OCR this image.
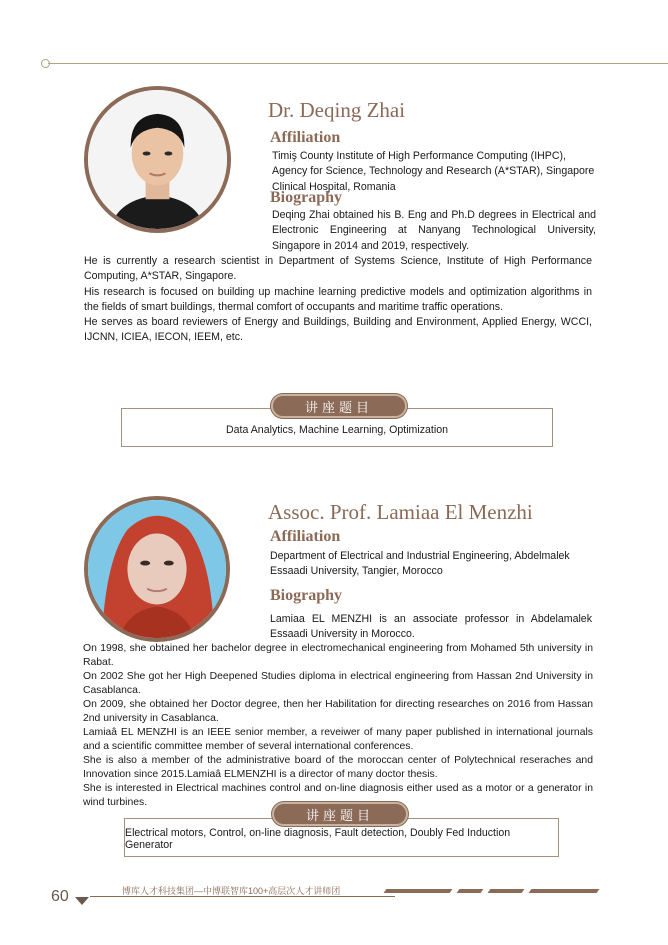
Dr. Deqing Zhai
Affiliation
Timiş County Institute of High Performance Computing (IHPC), Agency for Science, Technology and Research (A*STAR), Singapore Clinical Hospital, Romania
Biography

Deqing Zhai obtained his B. Eng and Ph.D degrees in Electrical and Electronic Engineering at Nanyang Technological University, Singapore in 2014 and 2019, respectively.

He is currently a research scientist in Department of Systems Science, Institute of High Performance Computing, A*STAR, Singapore.

His research is focused on building up machine learning predictive models and optimization algorithms in the fields of smart buildings, thermal comfort of occupants and maritime traffic operations.

He serves as board reviewers of Energy and Buildings, Building and Environment, Applied Energy, WCCI, IJCNN, ICIEA, IECON, IEEM, etc.

Data Analytics, Machine Learning, Optimization
讲座题目
Assoc. Prof. Lamiaa El Menzhi
Affiliation
Department of Electrical and Industrial Engineering, Abdelmalek Essaadi University, Tangier, Morocco
Biography

Lamiaa EL MENZHI is an associate professor in Abdelamalek Essaadi University in Morocco.

On 1998, she obtained her bachelor degree in electromechanical engineering from Mohamed 5th university in Rabat.

On 2002 She got her High Deepened Studies diploma in electrical engineering from Hassan 2nd University in Casablanca.

On 2009, she obtained her Doctor degree, then her Habilitation for directing researches on 2016 from Hassan 2nd university in Casablanca.

Lamiaâ EL MENZHI is an IEEE senior member, a reveiwer of many paper published in international journals and a scientific committee member of several international conferences.

She is also a member of the administrative board of the moroccan center of Polytechnical reseraches and Innovation since 2015.Lamiaâ ELMENZHI is a director of many doctor thesis.

She is interested in Electrical machines control and on-line diagnosis either used as a motor or a generator in wind turbines.

Electrical motors, Control, on-line diagnosis, Fault detection, Doubly Fed Induction Generator
讲座题目
60	博库人才科技集团—中博联智库100+高层次人才讲师团
